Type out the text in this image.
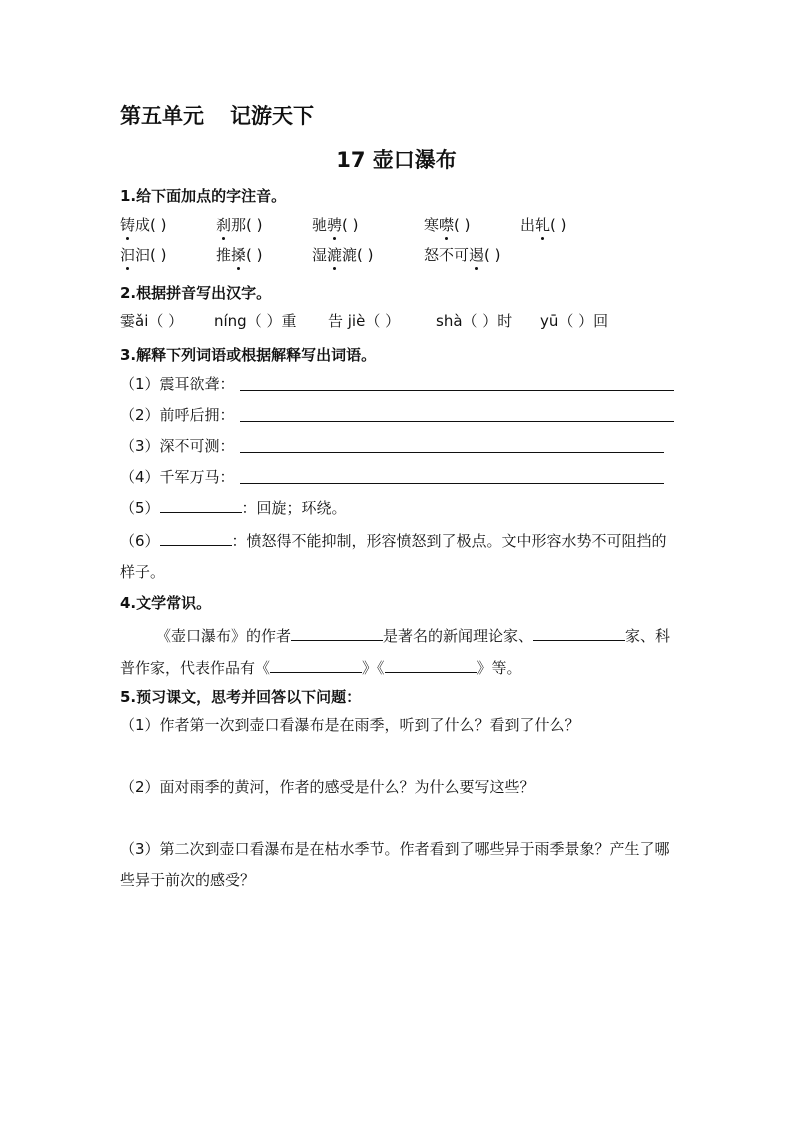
第五单元 记游天下
17 壶口瀑布
1.给下面加点的字注音。
铸成( )	刹那( )	驰骋( )	寒噤( )	出轧( )
汩汩( )	推搡( )	湿漉漉( )	怒不可遏( )
2.根据拼音写出汉字。
霎ǎi（ ） níng（ ）重 告 jiè（ ） shà（ ）时 yū（ ）回
3.解释下列词语或根据解释写出词语。
（1）震耳欲聋：
（2）前呼后拥：
（3）深不可测：
（4）千军万马：
（5）	：回旋；环绕。
（6）	：愤怒得不能抑制，形容愤怒到了极点。文中形容水势不可阻挡的样子。
4.文学常识。
《壶口瀑布》的作者	是著名的新闻理论家、	家、科普作家，代表作品有《	》《	》等。
5.预习课文，思考并回答以下问题：
（1）作者第一次到壶口看瀑布是在雨季，听到了什么？看到了什么？
（2）面对雨季的黄河，作者的感受是什么？为什么要写这些？
（3）第二次到壶口看瀑布是在枯水季节。作者看到了哪些异于雨季景象？产生了哪些异于前次的感受？
